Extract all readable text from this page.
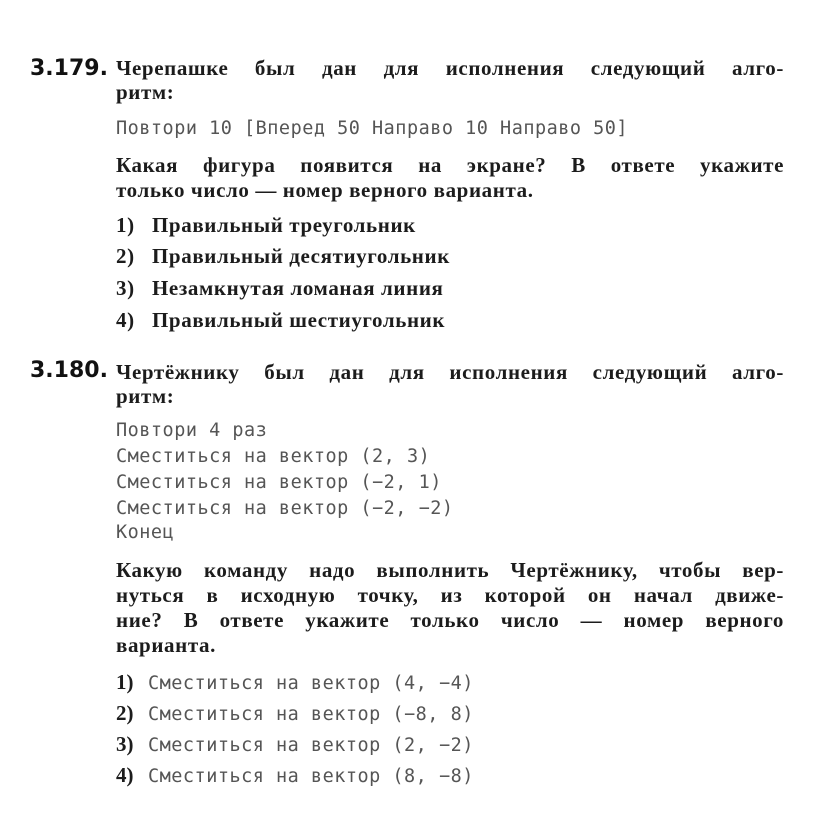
3.179. Черепашке был дан для исполнения следующий алго-
ритм:
Повтори 10 [Вперед 50 Направо 10 Направо 50]
Какая фигура появится на экране? В ответе укажите
только число — номер верного варианта.
1) Правильный треугольник
2) Правильный десятиугольник
3) Незамкнутая ломаная линия
4) Правильный шестиугольник
3.180. Чертёжнику был дан для исполнения следующий алго-
ритм:
Повтори 4 раз
Сместиться на вектор (2, 3)
Сместиться на вектор (−2, 1)
Сместиться на вектор (−2, −2)
Конец
Какую команду надо выполнить Чертёжнику, чтобы вер-
нуться в исходную точку, из которой он начал движе-
ние? В ответе укажите только число — номер верного
варианта.
1) Сместиться на вектор (4, −4)
2) Сместиться на вектор (−8, 8)
3) Сместиться на вектор (2, −2)
4) Сместиться на вектор (8, −8)
